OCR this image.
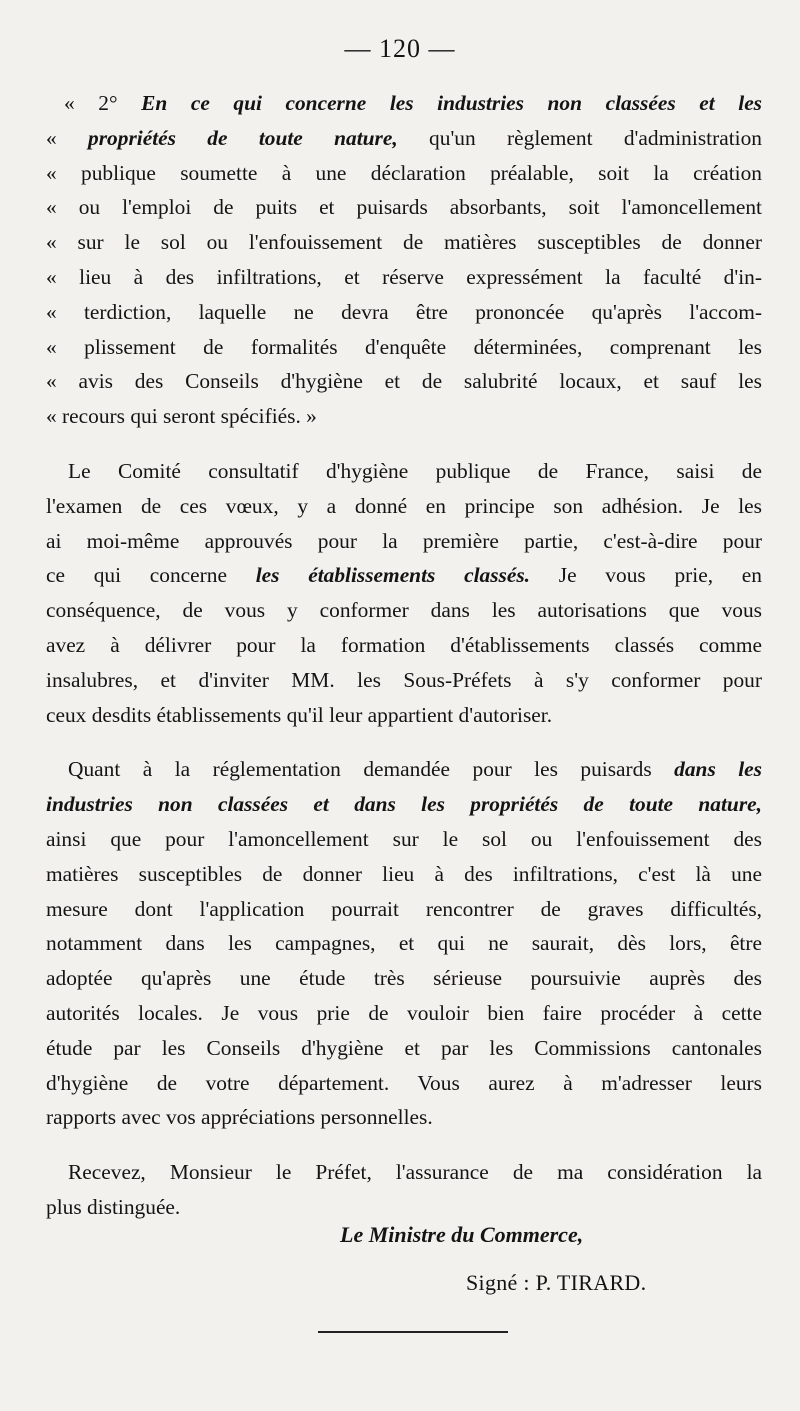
— 120 —
« 2° En ce qui concerne les industries non classées et les
« propriétés de toute nature, qu'un règlement d'administration
« publique soumette à une déclaration préalable, soit la création
« ou l'emploi de puits et puisards absorbants, soit l'amoncellement
« sur le sol ou l'enfouissement de matières susceptibles de donner
« lieu à des infiltrations, et réserve expressément la faculté d'in-
« terdiction, laquelle ne devra être prononcée qu'après l'accom-
« plissement de formalités d'enquête déterminées, comprenant les
« avis des Conseils d'hygiène et de salubrité locaux, et sauf les
« recours qui seront spécifiés. »
Le Comité consultatif d'hygiène publique de France, saisi de
l'examen de ces vœux, y a donné en principe son adhésion. Je les
ai moi-même approuvés pour la première partie, c'est-à-dire pour
ce qui concerne les établissements classés. Je vous prie, en
conséquence, de vous y conformer dans les autorisations que vous
avez à délivrer pour la formation d'établissements classés comme
insalubres, et d'inviter MM. les Sous-Préfets à s'y conformer pour
ceux desdits établissements qu'il leur appartient d'autoriser.
Quant à la réglementation demandée pour les puisards dans les
industries non classées et dans les propriétés de toute nature,
ainsi que pour l'amoncellement sur le sol ou l'enfouissement des
matières susceptibles de donner lieu à des infiltrations, c'est là une
mesure dont l'application pourrait rencontrer de graves difficultés,
notamment dans les campagnes, et qui ne saurait, dès lors, être
adoptée qu'après une étude très sérieuse poursuivie auprès des
autorités locales. Je vous prie de vouloir bien faire procéder à cette
étude par les Conseils d'hygiène et par les Commissions cantonales
d'hygiène de votre département. Vous aurez à m'adresser leurs
rapports avec vos appréciations personnelles.
Recevez, Monsieur le Préfet, l'assurance de ma considération la
plus distinguée.
Le Ministre du Commerce,
Signé : P. TIRARD.
